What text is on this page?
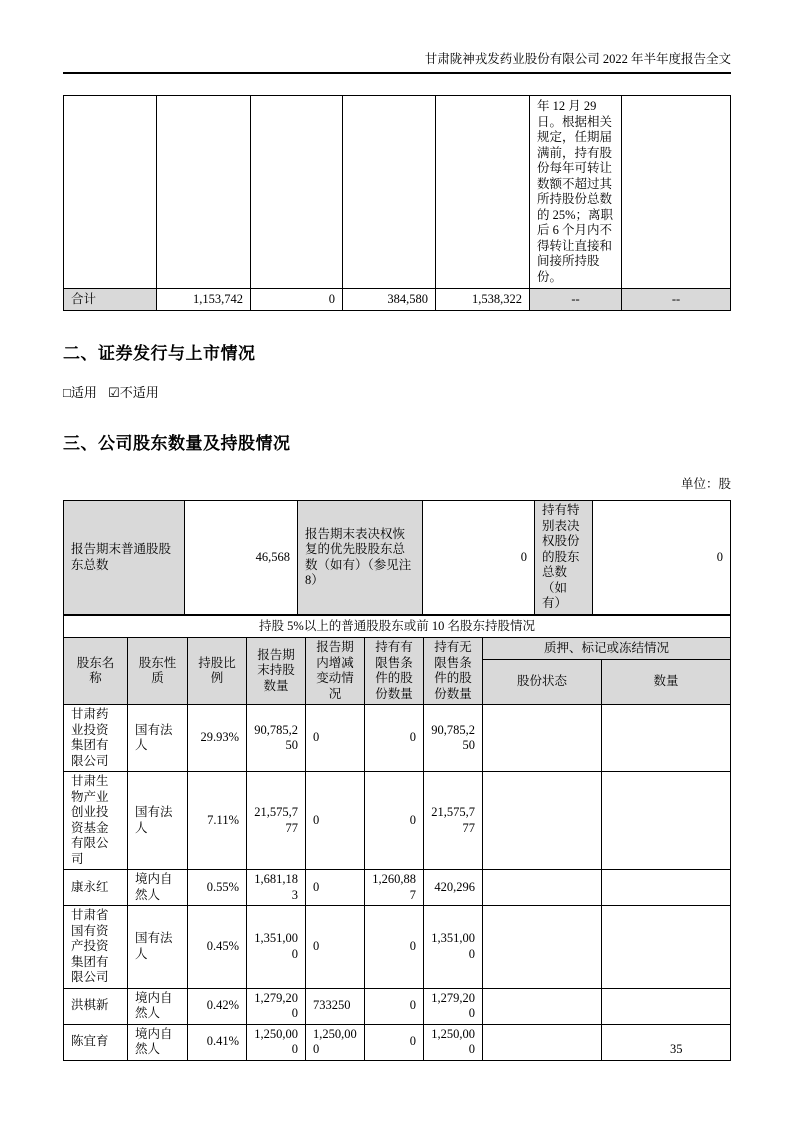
甘肃陇神戎发药业股份有限公司 2022 年半年度报告全文
					年 12 月 29 日。根据相关规定，任期届满前，持有股份每年可转让数额不超过其所持股份总数的 25%；离职后 6 个月内不得转让直接和间接所持股份。	
合计	1,153,742	0	384,580	1,538,322	--	--
二、证券发行与上市情况
□适用 ☑不适用
三、公司股东数量及持股情况
单位：股
报告期末普通股股东总数	46,568	报告期末表决权恢复的优先股股东总数（如有）（参见注 8）	0	持有特别表决权股份的股东总数（如有）	0
持股 5%以上的普通股股东或前 10 名股东持股情况								
股东名称	股东性质	持股比例	报告期末持股数量	报告期内增减变动情况	持有有限售条件的股份数量	持有无限售条件的股份数量	质押、标记或冻结情况	
							股份状态	数量
甘肃药业投资集团有限公司	国有法人	29.93%	90,785,250	0	0	90,785,250		
甘肃生物产业创业投资基金有限公司	国有法人	7.11%	21,575,777	0	0	21,575,777		
康永红	境内自然人	0.55%	1,681,183	0	1,260,887	420,296		
甘肃省国有资产投资集团有限公司	国有法人	0.45%	1,351,000	0	0	1,351,000		
洪棋新	境内自然人	0.42%	1,279,200	733250	0	1,279,200		
陈宜育	境内自然人	0.41%	1,250,000	1,250,000	0	1,250,000			35
